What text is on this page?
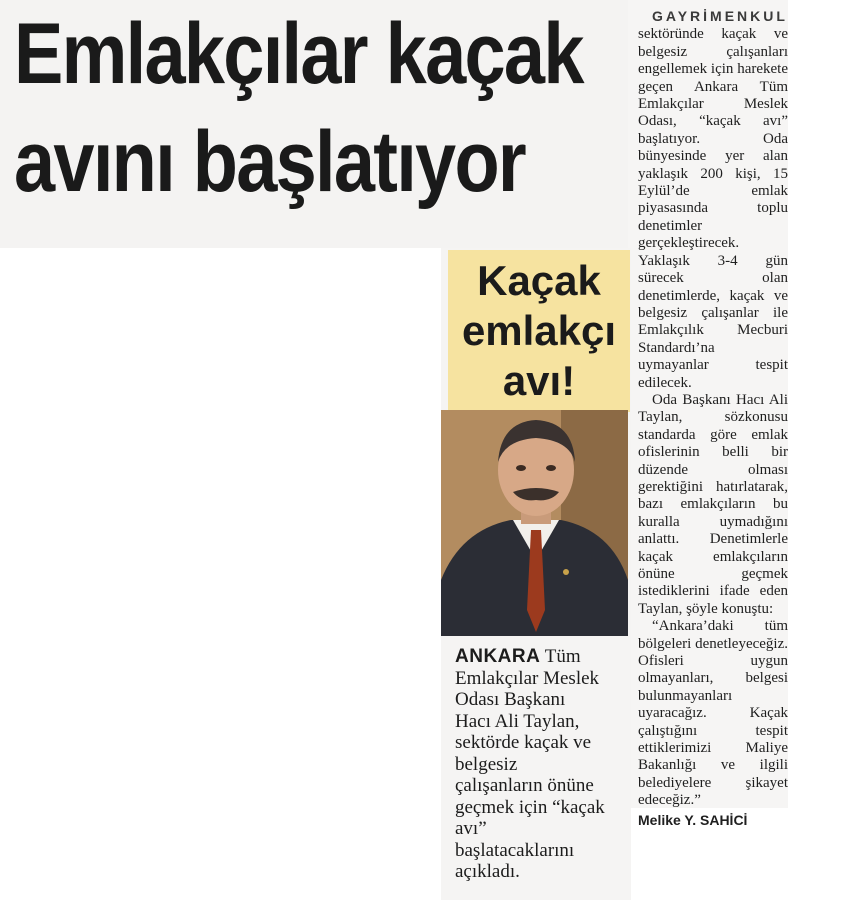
Emlakçılar kaçak
avını başlatıyor
Kaçak
emlakçı
avı!
ANKARA Tüm Emlakçılar Meslek Odası Başkanı Hacı Ali Taylan, sektörde kaçak ve belgesiz çalışanların önüne geçmek için “kaçak avı” başlatacaklarını açıkladı.

GAYRİMENKUL
sektöründe kaçak ve belgesiz çalışanları engellemek için harekete geçen Ankara Tüm Emlakçılar Meslek Odası, “kaçak avı” başlatıyor. Oda bünyesinde yer alan yaklaşık 200 kişi, 15 Eylül’de emlak piyasasında toplu denetimler gerçekleştirecek. Yaklaşık 3-4 gün sürecek olan denetimlerde, kaçak ve belgesiz çalışanlar ile Emlakçılık Mecburi Standardı’na uymayanlar tespit edilecek.

Oda Başkanı Hacı Ali Taylan, sözkonusu standarda göre emlak ofislerinin belli bir düzende olması gerektiğini hatırlatarak, bazı emlakçıların bu kuralla uymadığını anlattı. Denetimlerle kaçak emlakçıların önüne geçmek istediklerini ifade eden Taylan, şöyle konuştu:

“Ankara’daki tüm bölgeleri denetleyeceğiz. Ofisleri uygun olmayanları, belgesi bulunmayanları uyaracağız. Kaçak çalıştığını tespit ettiklerimizi Maliye Bakanlığı ve ilgili belediyelere şikayet edeceğiz.”

Melike Y. SAHİCİ
